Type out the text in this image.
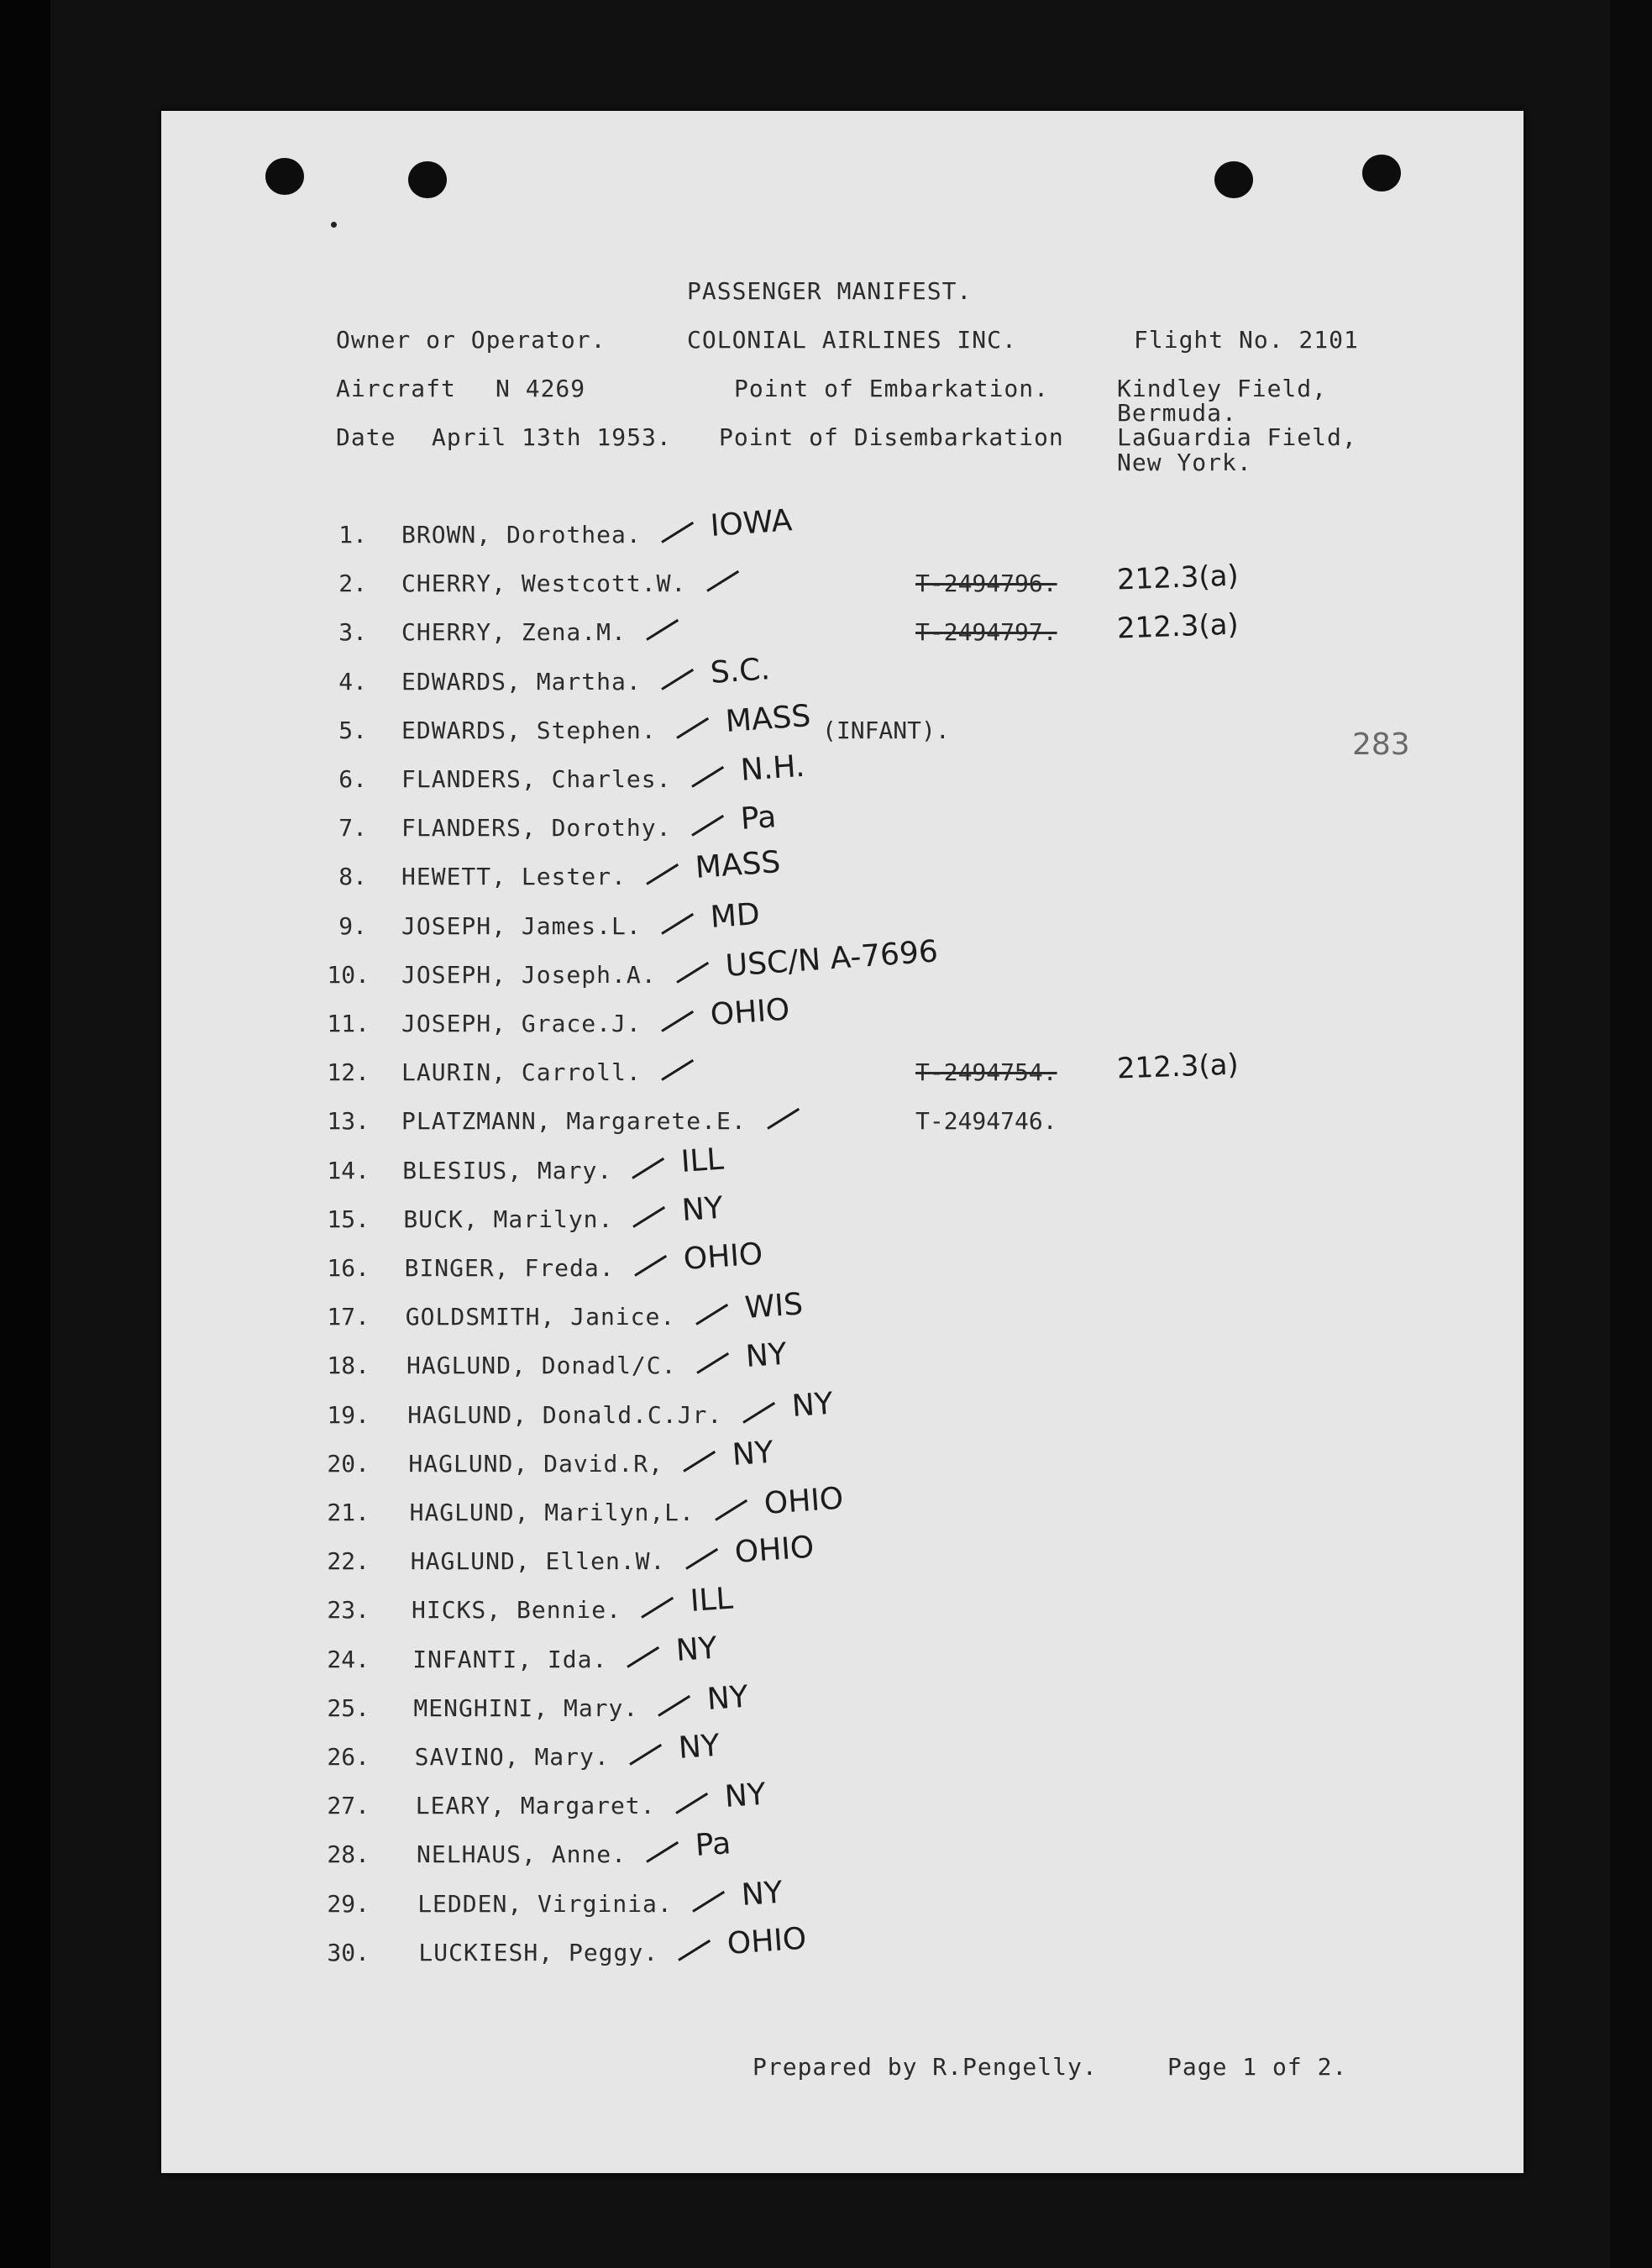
PASSENGER MANIFEST.
Owner or Operator.	COLONIAL AIRLINES INC.	Flight No. 2101
Aircraft N 4269	Point of Embarkation.	Kindley Field,
Bermuda.
Date April 13th 1953. Point of Disembarkation LaGuardia Field,
New York.
283
1. BROWN, Dorothea. IOWA
2. CHERRY, Westcott.W.	T-2494796. 212.3(a)
3. CHERRY, Zena.M.	T-2494797. 212.3(a)
4. EDWARDS, Martha. S.C.
5. EDWARDS, Stephen. MASS (INFANT).
6. FLANDERS, Charles. N.H.
7. FLANDERS, Dorothy. Pa
8. HEWETT, Lester. MASS
9. JOSEPH, James.L. MD
10. JOSEPH, Joseph.A. USC/N A-7696
11. JOSEPH, Grace.J. OHIO
12. LAURIN, Carroll.	T-2494754. 212.3(a)
13. PLATZMANN, Margarete.E.	T-2494746.
14. BLESIUS, Mary. ILL
15. BUCK, Marilyn. NY
16. BINGER, Freda. OHIO
17. GOLDSMITH, Janice. WIS
18. HAGLUND, Donadl/C. NY
19. HAGLUND, Donald.C.Jr. NY
20. HAGLUND, David.R, NY
21. HAGLUND, Marilyn,L. OHIO
22. HAGLUND, Ellen.W. OHIO
23. HICKS, Bennie. ILL
24. INFANTI, Ida. NY
25. MENGHINI, Mary. NY
26. SAVINO, Mary. NY
27. LEARY, Margaret. NY
28. NELHAUS, Anne. Pa
29. LEDDEN, Virginia. NY
30. LUCKIESH, Peggy. OHIO
Prepared by R.Pengelly.	Page 1 of 2.
